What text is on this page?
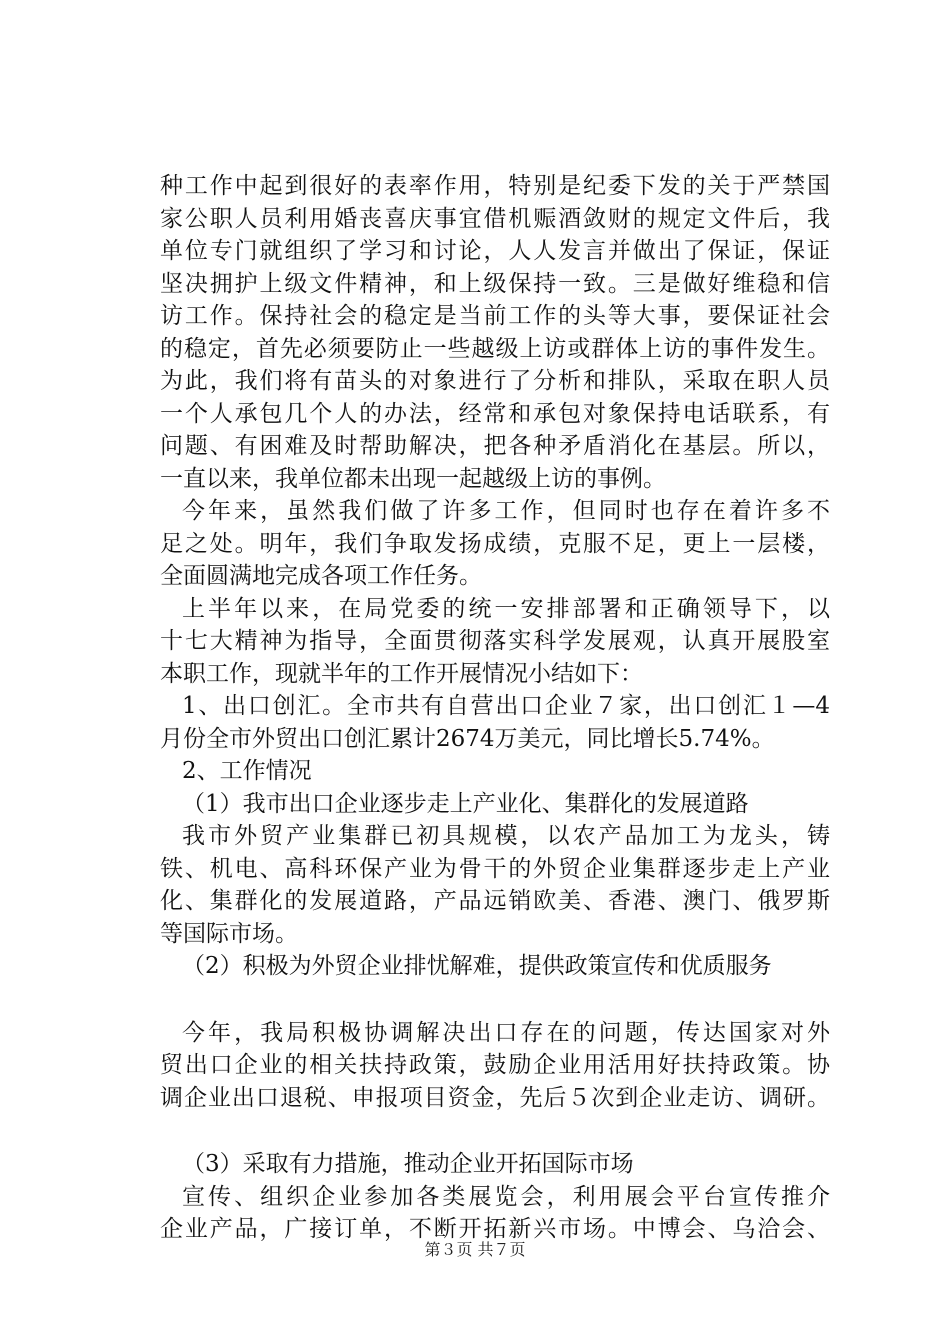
种工作中起到很好的表率作用，特别是纪委下发的关于严禁国
家公职人员利用婚丧喜庆事宜借机赈酒敛财的规定文件后，我
单位专门就组织了学习和讨论，人人发言并做出了保证，保证
坚决拥护上级文件精神，和上级保持一致。三是做好维稳和信
访工作。保持社会的稳定是当前工作的头等大事，要保证社会
的稳定，首先必须要防止一些越级上访或群体上访的事件发生。
为此，我们将有苗头的对象进行了分析和排队，采取在职人员
一个人承包几个人的办法，经常和承包对象保持电话联系，有
问题、有困难及时帮助解决，把各种矛盾消化在基层。所以，
一直以来，我单位都未出现一起越级上访的事例。
今年来，虽然我们做了许多工作，但同时也存在着许多不
足之处。明年，我们争取发扬成绩，克服不足，更上一层楼，
全面圆满地完成各项工作任务。
上半年以来，在局党委的统一安排部署和正确领导下，以
十七大精神为指导，全面贯彻落实科学发展观，认真开展股室
本职工作，现就半年的工作开展情况小结如下：
1、出口创汇。全市共有自营出口企业７家，出口创汇１—4
月份全市外贸出口创汇累计2674万美元，同比增长5.74%。
2、工作情况
（1）我市出口企业逐步走上产业化、集群化的发展道路
我市外贸产业集群已初具规模，以农产品加工为龙头，铸
铁、机电、高科环保产业为骨干的外贸企业集群逐步走上产业
化、集群化的发展道路，产品远销欧美、香港、澳门、俄罗斯
等国际市场。
（2）积极为外贸企业排忧解难，提供政策宣传和优质服务
今年，我局积极协调解决出口存在的问题，传达国家对外
贸出口企业的相关扶持政策，鼓励企业用活用好扶持政策。协
调企业出口退税、申报项目资金，先后５次到企业走访、调研。
（3）采取有力措施，推动企业开拓国际市场
宣传、组织企业参加各类展览会，利用展会平台宣传推介
企业产品，广接订单，不断开拓新兴市场。中博会、乌洽会、
第３页 共７页
